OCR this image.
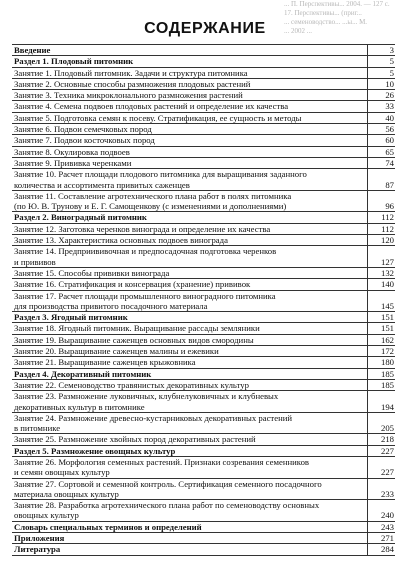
... П. Перспективы... 2004. — 127 с.
17. Перспективы... (приг...
... семеноводство... ...ы... М.
... 2002 ...
СОДЕРЖАНИЕ
Введение	3

Раздел 1. Плодовый питомник	5

Занятие 1. Плодовый питомник. Задачи и структура питомника	5

Занятие 2. Основные способы размножения плодовых растений	10

Занятие 3. Техника микроклонального размножения растений	26

Занятие 4. Семена подвоев плодовых растений и определение их качества	33

Занятие 5. Подготовка семян к посеву. Стратификация, ее сущность и методы	40

Занятие 6. Подвои семечковых пород	56

Занятие 7. Подвои косточковых пород	60

Занятие 8. Окулировка подвоев	65

Занятие 9. Прививка черенками	74

Занятие 10. Расчет площади плодового питомника для выращивания заданного
количества и ассортимента привитых саженцев	87

Занятие 11. Составление агротехнического плана работ в полях питомника
(по Ю. В. Трунову и Е. Г. Самощенкову (с изменениями и дополнениями)	96

Раздел 2. Виноградный питомник	112

Занятие 12. Заготовка черенков винограда и определение их качества	112

Занятие 13. Характеристика основных подвоев винограда	120

Занятие 14. Предприививочная и предпосадочная подготовка черенков
и прививов	127

Занятие 15. Способы прививки винограда	132

Занятие 16. Стратификация и консервация (хранение) прививок	140

Занятие 17. Расчет площади промышленного виноградного питомника
для производства привитого посадочного материала	145

Раздел 3. Ягодный питомник	151

Занятие 18. Ягодный питомник. Выращивание рассады земляники	151

Занятие 19. Выращивание саженцев основных видов смородины	162

Занятие 20. Выращивание саженцев малины и ежевики	172

Занятие 21. Выращивание саженцев крыжовника	180

Раздел 4. Декоративный питомник	185

Занятие 22. Семеноводство травянистых декоративных культур	185

Занятие 23. Размножение луковичных, клубнелуковичных и клубневых
декоративных культур в питомнике	194

Занятие 24. Размножение древесно-кустарниковых декоративных растений
в питомнике	205

Занятие 25. Размножение хвойных пород декоративных растений	218

Раздел 5. Размножение овощных культур	227

Занятие 26. Морфология семенных растений. Признаки созревания семенников
и семян овощных культур	227

Занятие 27. Сортовой и семенной контроль. Сертификация семенного посадочного
материала овощных культур	233

Занятие 28. Разработка агротехнического плана работ по семеноводству основных
овощных культур	240

Словарь специальных терминов и определений	243

Приложения	271

Литература	284
